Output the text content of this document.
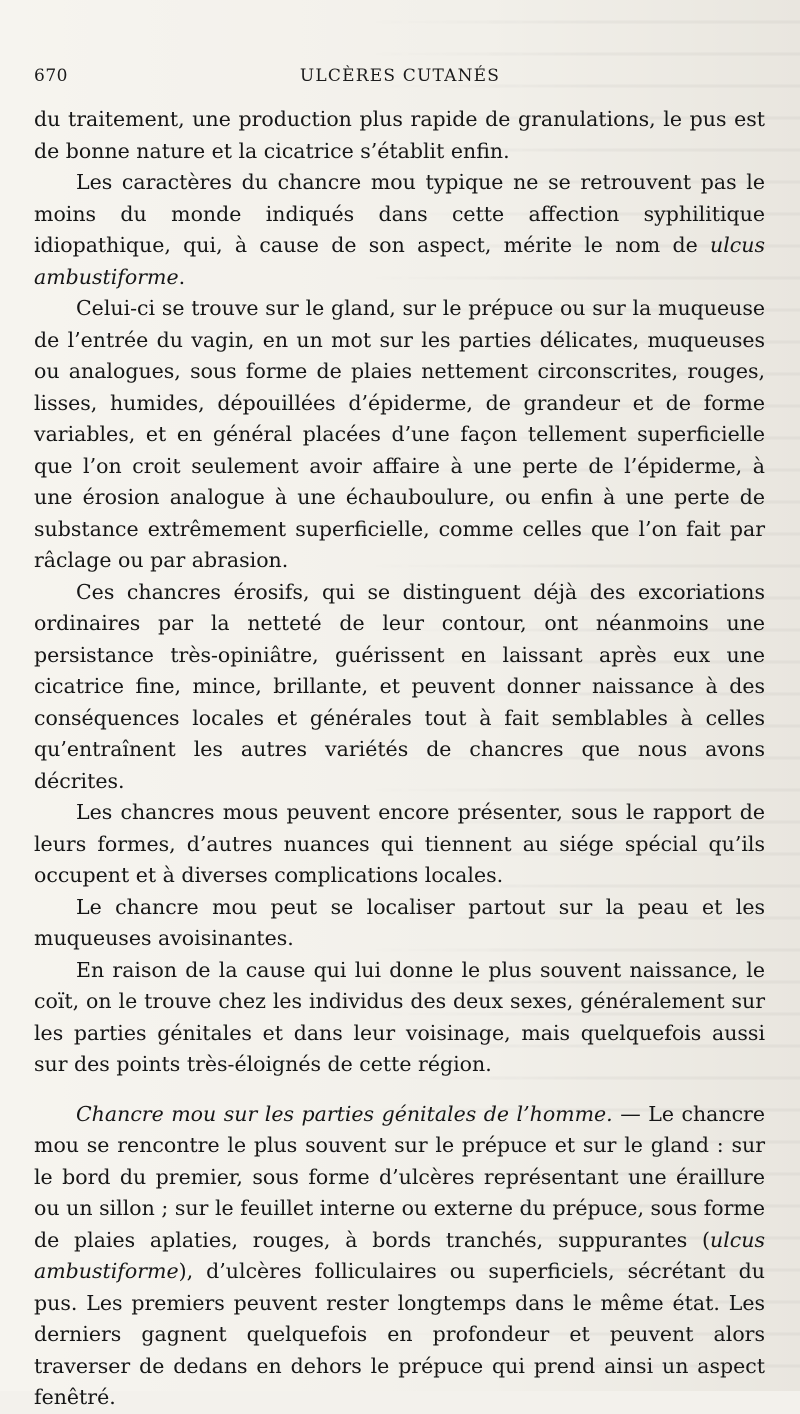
670	ULCÈRES CUTANÉS

du traitement, une production plus rapide de granulations, le pus est de bonne nature et la cicatrice s’établit enfin.

Les caractères du chancre mou typique ne se retrouvent pas le moins du monde indiqués dans cette affection syphilitique idiopathique, qui, à cause de son aspect, mérite le nom de ulcus ambustiforme.

Celui-ci se trouve sur le gland, sur le prépuce ou sur la muqueuse de l’entrée du vagin, en un mot sur les parties délicates, muqueuses ou analogues, sous forme de plaies nettement circonscrites, rouges, lisses, humides, dépouillées d’épiderme, de grandeur et de forme variables, et en général placées d’une façon tellement superficielle que l’on croit seulement avoir affaire à une perte de l’épiderme, à une érosion analogue à une échauboulure, ou enfin à une perte de substance extrêmement superficielle, comme celles que l’on fait par râclage ou par abrasion.

Ces chancres érosifs, qui se distinguent déjà des excoriations ordinaires par la netteté de leur contour, ont néanmoins une persistance très-opiniâtre, guérissent en laissant après eux une cicatrice fine, mince, brillante, et peuvent donner naissance à des conséquences locales et générales tout à fait semblables à celles qu’entraînent les autres variétés de chancres que nous avons décrites.

Les chancres mous peuvent encore présenter, sous le rapport de leurs formes, d’autres nuances qui tiennent au siége spécial qu’ils occupent et à diverses complications locales.

Le chancre mou peut se localiser partout sur la peau et les muqueuses avoisinantes.

En raison de la cause qui lui donne le plus souvent naissance, le coït, on le trouve chez les individus des deux sexes, généralement sur les parties génitales et dans leur voisinage, mais quelquefois aussi sur des points très-éloignés de cette région.

Chancre mou sur les parties génitales de l’homme. — Le chancre mou se rencontre le plus souvent sur le prépuce et sur le gland : sur le bord du premier, sous forme d’ulcères représentant une éraillure ou un sillon ; sur le feuillet interne ou externe du prépuce, sous forme de plaies aplaties, rouges, à bords tranchés, suppurantes (ulcus ambustiforme), d’ulcères folliculaires ou superficiels, sécrétant du pus. Les premiers peuvent rester longtemps dans le même état. Les derniers gagnent quelquefois en profondeur et peuvent alors traverser de dedans en dehors le prépuce qui prend ainsi un aspect fenêtré.
